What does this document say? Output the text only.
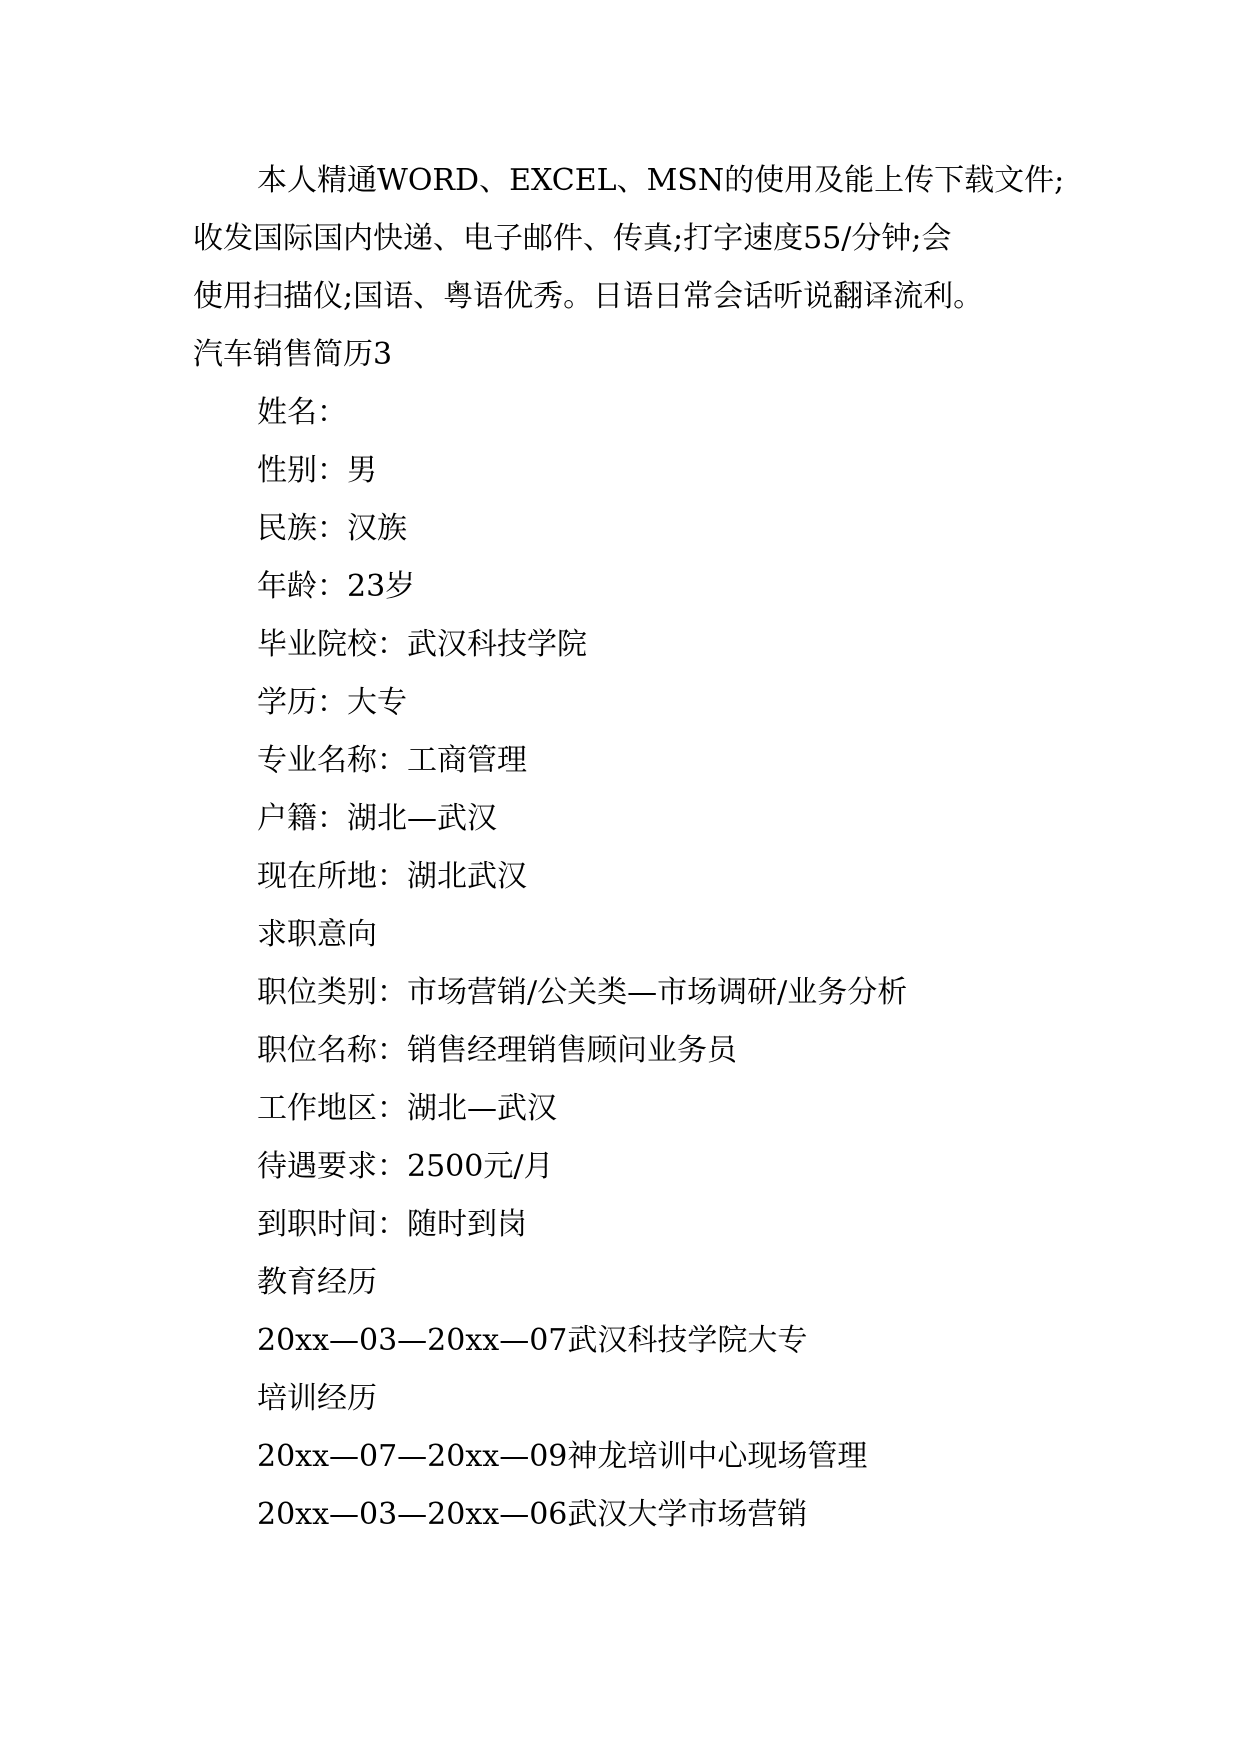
本人精通WORD、EXCEL、MSN的使用及能上传下载文件;
收发国际国内快递、电子邮件、传真;打字速度55/分钟;会
使用扫描仪;国语、粤语优秀。日语日常会话听说翻译流利。
汽车销售简历3
姓名：
性别：男
民族：汉族
年龄：23岁
毕业院校：武汉科技学院
学历：大专
专业名称：工商管理
户籍：湖北—武汉
现在所地：湖北武汉
求职意向
职位类别：市场营销/公关类—市场调研/业务分析
职位名称：销售经理销售顾问业务员
工作地区：湖北—武汉
待遇要求：2500元/月
到职时间：随时到岗
教育经历
20xx—03—20xx—07武汉科技学院大专
培训经历
20xx—07—20xx—09神龙培训中心现场管理
20xx—03—20xx—06武汉大学市场营销
